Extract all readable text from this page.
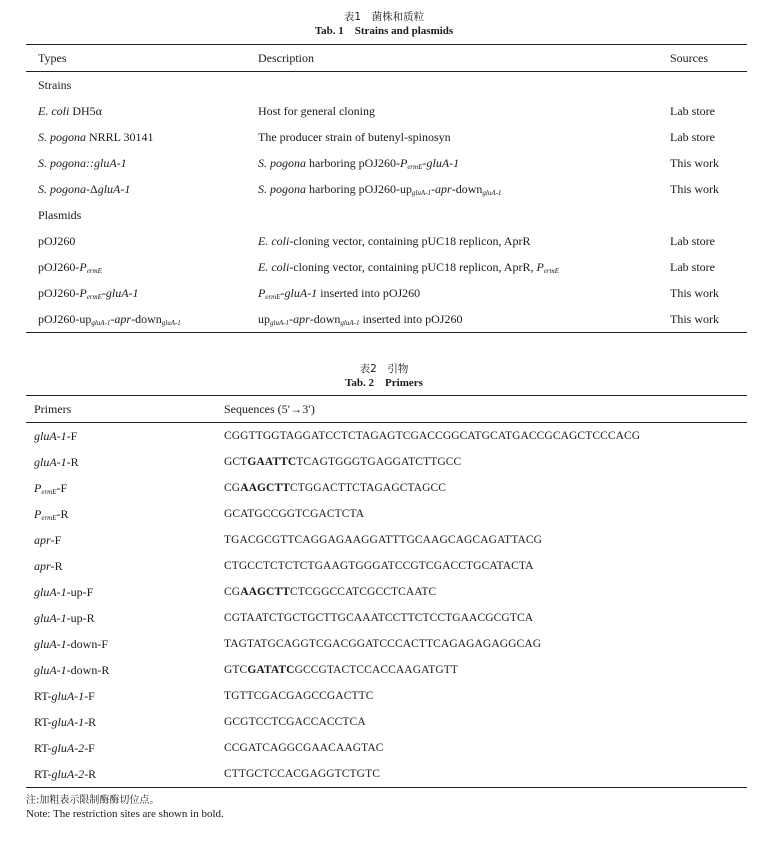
表1　菌株和质粒
Tab. 1　Strains and plasmids
Types	Description	Sources
Strains		
E. coli DH5α	Host for general cloning	Lab store
S. pogona NRRL 30141	The producer strain of butenyl-spinosyn	Lab store
S. pogona::gluA-1	S. pogona harboring $pOJ260-P_{ermE}-gluA-1$	This work
S. pogona-ΔgluA-1	S. pogona harboring $pOJ260-up_{gluA-1}-apr-down_{gluA-1}$	This work
Plasmids		
pOJ260	E. coli-cloning vector, containing pUC18 replicon, AprR	Lab store
$pOJ260-P_{ermE}$	E. coli-cloning vector, containing pUC18 replicon, AprR, $P_{ermE}$	Lab store
$pOJ260-P_{ermE}-gluA-1$	$P_{ermE}-gluA-1$ inserted into pOJ260	This work
$pOJ260-up_{gluA-1}-apr-down_{gluA-1}$	$up_{gluA-1}-apr-down_{gluA-1}$ inserted into pOJ260	This work
表2　引物
Tab. 2　Primers
Primers	Sequences (5′→3′)
gluA-1-F	CGGTTGGTAGGATCCTCTAGAGTCGACCGGCATGCATGACCGCAGCTCCCACG
gluA-1-R	GCTGAATTCTCAGTGGGTGAGGATCTTGCC
$P_{ermE}-F$	CGAAGCTTCTGGACTTCTAGAGCTAGCC
$P_{ermE}-R$	GCATGCCGGTCGACTCTA
apr-F	TGACGCGTTCAGGAGAAGGATTTGCAAGCAGCAGATTACG
apr-R	CTGCCTCTCTCTGAAGTGGGATCCGTCGACCTGCATACTA
gluA-1-up-F	CGAAGCTTCTCGGCCATCGCCTCAATC
gluA-1-up-R	CGTAATCTGCTGCTTGCAAATCCTTCTCCTGAACGCGTCA
gluA-1-down-F	TAGTATGCAGGTCGACGGATCCCACTTCAGAGAGAGGCAG
gluA-1-down-R	GTCGATATCGCCGTACTCCACCAAGATGTT
RT-gluA-1-F	TGTTCGACGAGCCGACTTC
RT-gluA-1-R	GCGTCCTCGACCACCTCA
RT-gluA-2-F	CCGATCAGGCGAACAAGTAC
RT-gluA-2-R	CTTGCTCCACGAGGTCTGTC
注:加粗表示限制酶酶切位点。
Note: The restriction sites are shown in bold.
